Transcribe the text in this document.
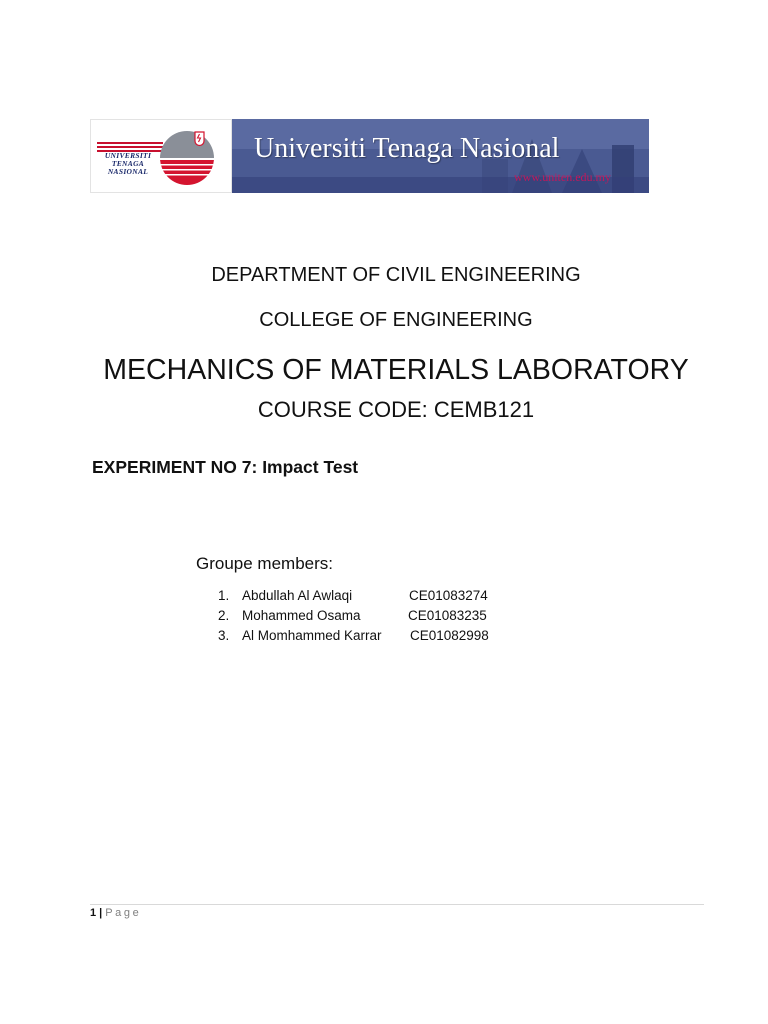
UNIVERSITI
TENAGA
NASIONAL
Universiti Tenaga Nasional
www.uniten.edu.my
DEPARTMENT OF CIVIL ENGINEERING
COLLEGE OF ENGINEERING
MECHANICS OF MATERIALS LABORATORY
COURSE CODE: CEMB121
EXPERIMENT NO 7: Impact Test
Groupe members:
1. Abdullah Al Awlaqi	CE01083274
2. Mohammed Osama	CE01083235
3. Al Momhammed Karrar CE01082998
1 | Page
